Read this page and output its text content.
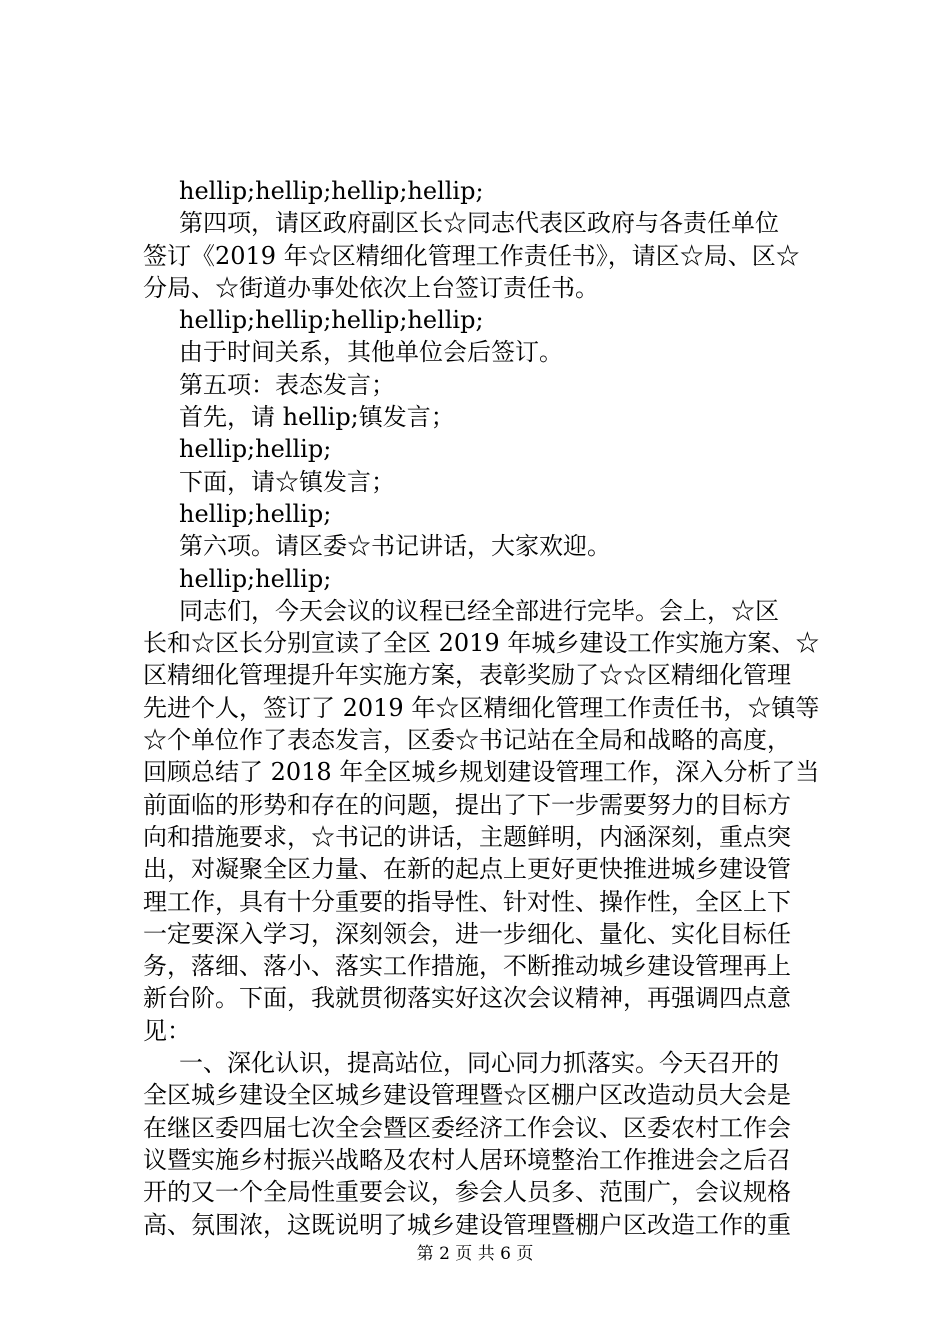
hellip;hellip;hellip;hellip;
第四项，请区政府副区长☆同志代表区政府与各责任单位
签订《2019 年☆区精细化管理工作责任书》，请区☆局、区☆
分局、☆街道办事处依次上台签订责任书。
hellip;hellip;hellip;hellip;
由于时间关系，其他单位会后签订。
第五项：表态发言；
首先，请 hellip;镇发言；
hellip;hellip;
下面，请☆镇发言；
hellip;hellip;
第六项。请区委☆书记讲话，大家欢迎。
hellip;hellip;
同志们，今天会议的议程已经全部进行完毕。会上，☆区
长和☆区长分别宣读了全区 2019 年城乡建设工作实施方案、☆
区精细化管理提升年实施方案，表彰奖励了☆☆区精细化管理
先进个人，签订了 2019 年☆区精细化管理工作责任书，☆镇等
☆个单位作了表态发言，区委☆书记站在全局和战略的高度，
回顾总结了 2018 年全区城乡规划建设管理工作，深入分析了当
前面临的形势和存在的问题，提出了下一步需要努力的目标方
向和措施要求，☆书记的讲话，主题鲜明，内涵深刻，重点突
出，对凝聚全区力量、在新的起点上更好更快推进城乡建设管
理工作，具有十分重要的指导性、针对性、操作性，全区上下
一定要深入学习，深刻领会，进一步细化、量化、实化目标任
务，落细、落小、落实工作措施，不断推动城乡建设管理再上
新台阶。下面，我就贯彻落实好这次会议精神，再强调四点意
见：
一、深化认识，提高站位，同心同力抓落实。今天召开的
全区城乡建设全区城乡建设管理暨☆区棚户区改造动员大会是
在继区委四届七次全会暨区委经济工作会议、区委农村工作会
议暨实施乡村振兴战略及农村人居环境整治工作推进会之后召
开的又一个全局性重要会议，参会人员多、范围广，会议规格
高、氛围浓，这既说明了城乡建设管理暨棚户区改造工作的重
第 2 页 共 6 页
